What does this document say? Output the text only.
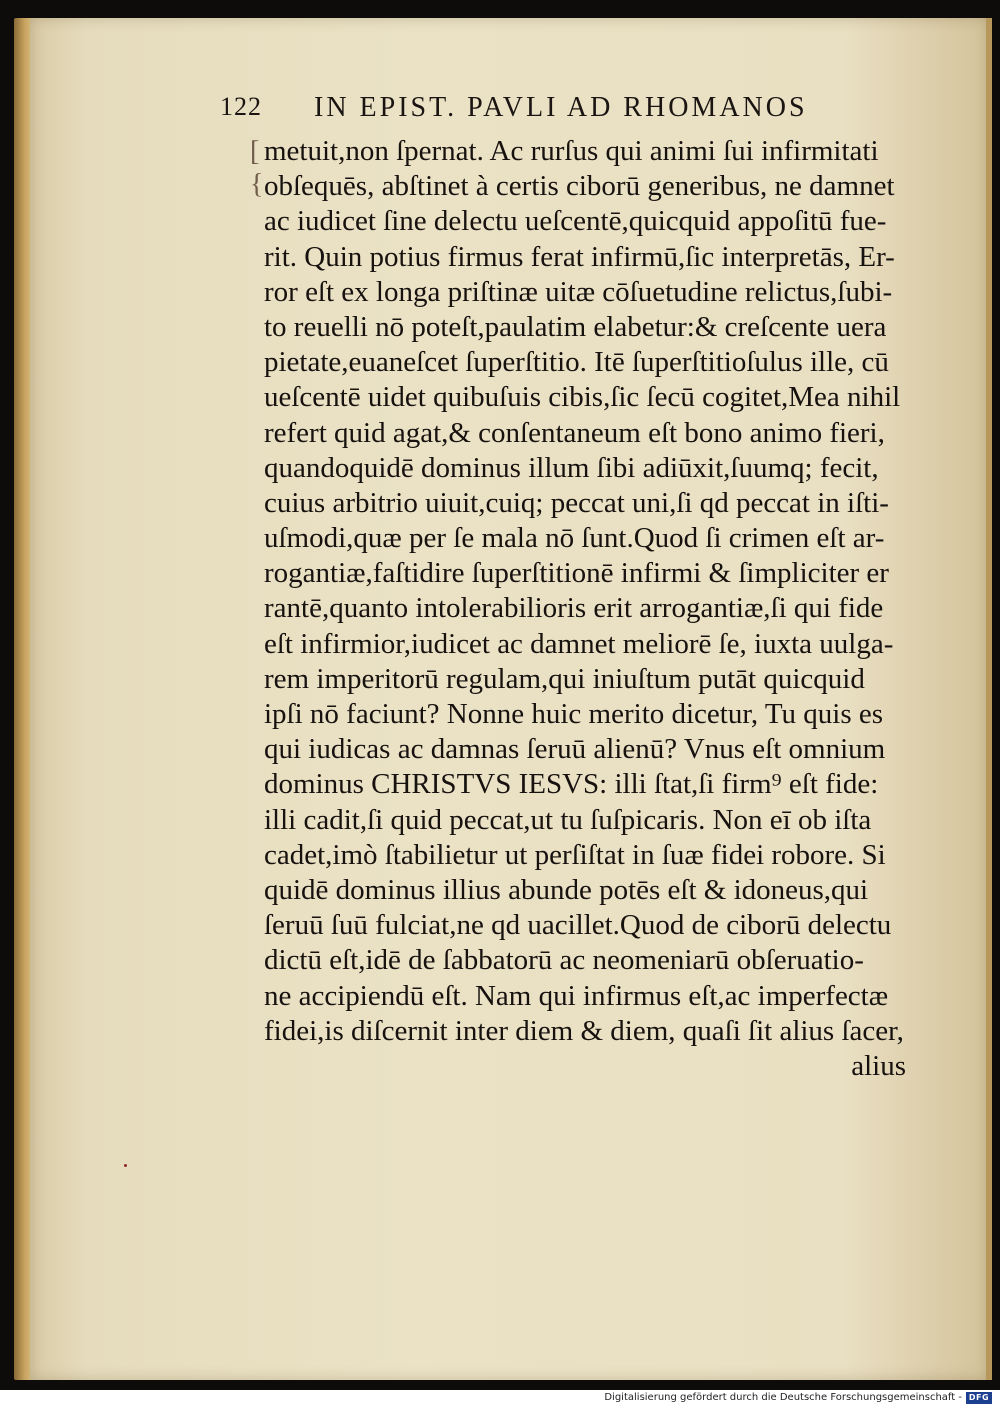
122 IN EPIST. PAVLI AD RHOMANOS
[
{
metuit,non ſpernat. Ac rurſus qui animi ſui infirmitati
obſequēs, abſtinet à certis ciborū generibus, ne damnet
ac iudicet ſine delectu ueſcentē,quicquid appoſitū fue-
rit. Quin potius firmus ferat infirmū,ſic interpretās, Er-
ror eſt ex longa priſtinæ uitæ cōſuetudine relictus,ſubi-
to reuelli nō poteſt,paulatim elabetur:& creſcente uera
pietate,euaneſcet ſuperſtitio. Itē ſuperſtitioſulus ille, cū
ueſcentē uidet quibuſuis cibis,ſic ſecū cogitet,Mea nihil
refert quid agat,& conſentaneum eſt bono animo fieri,
quandoquidē dominus illum ſibi adiūxit,ſuumq; fecit,
cuius arbitrio uiuit,cuiq; peccat uni,ſi qd peccat in iſti-
uſmodi,quæ per ſe mala nō ſunt.Quod ſi crimen eſt ar-
rogantiæ,faſtidire ſuperſtitionē infirmi & ſimpliciter er
rantē,quanto intolerabilioris erit arrogantiæ,ſi qui fide
eſt infirmior,iudicet ac damnet meliorē ſe, iuxta uulga-
rem imperitorū regulam,qui iniuſtum putāt quicquid
ipſi nō faciunt? Nonne huic merito dicetur, Tu quis es
qui iudicas ac damnas ſeruū alienū? Vnus eſt omnium
dominus CHRISTVS IESVS: illi ſtat,ſi firm⁹ eſt fide:
illi cadit,ſi quid peccat,ut tu ſuſpicaris. Non eī ob iſta
cadet,imò ſtabilietur ut perſiſtat in ſuæ fidei robore. Si
quidē dominus illius abunde potēs eſt & idoneus,qui
ſeruū ſuū fulciat,ne qd uacillet.Quod de ciborū delectu
dictū eſt,idē de ſabbatorū ac neomeniarū obſeruatio-
ne accipiendū eſt. Nam qui infirmus eſt,ac imperfectæ
fidei,is diſcernit inter diem & diem, quaſi ſit alius ſacer,
alius
Digitalisierung gefördert durch die Deutsche Forschungsgemeinschaft - DFG
